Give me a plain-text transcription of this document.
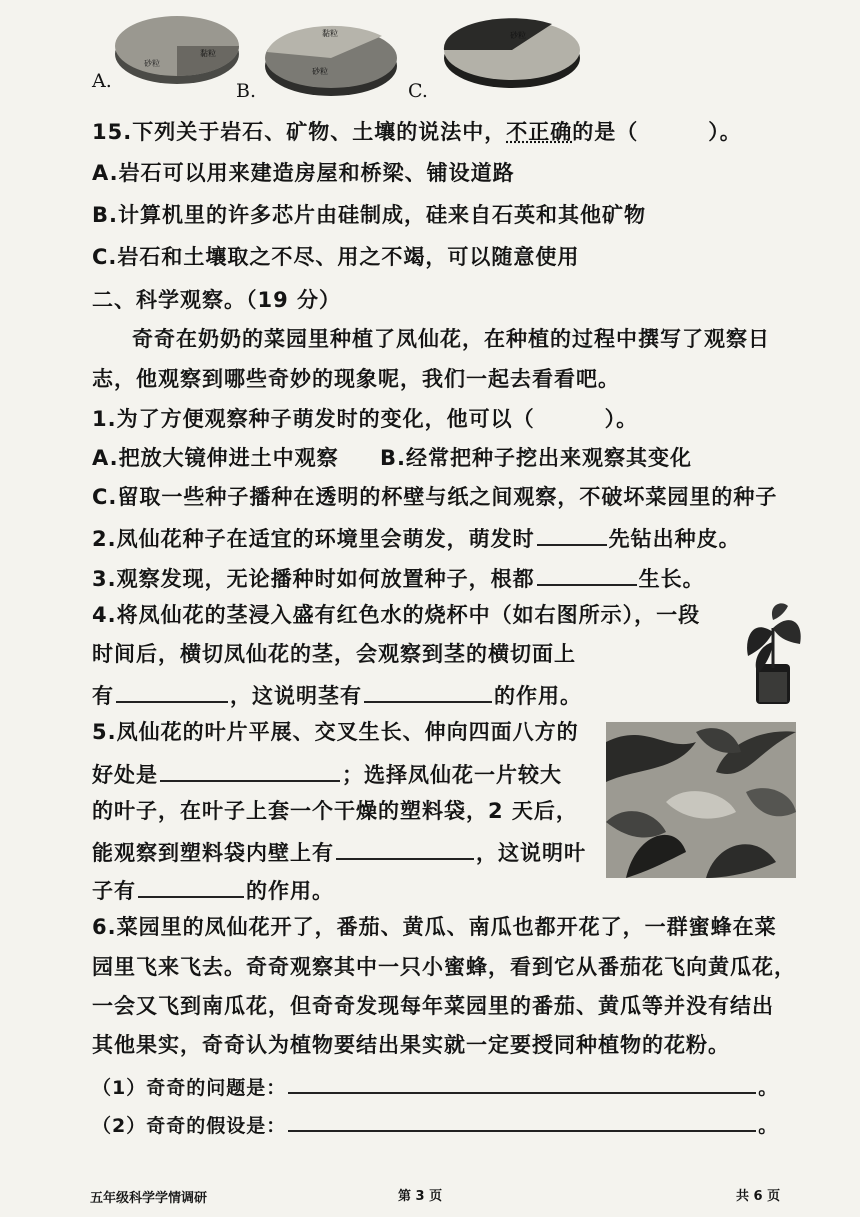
砂粒
黏粒
A.
黏粒
砂粒
B.
砂粒
C.
15.下列关于岩石、矿物、土壤的说法中，不正确的是（	）。
A.岩石可以用来建造房屋和桥梁、铺设道路
B.计算机里的许多芯片由硅制成，硅来自石英和其他矿物
C.岩石和土壤取之不尽、用之不竭，可以随意使用
二、科学观察。（19 分）
奇奇在奶奶的菜园里种植了凤仙花，在种植的过程中撰写了观察日
志，他观察到哪些奇妙的现象呢，我们一起去看看吧。
1.为了方便观察种子萌发时的变化，他可以（	）。
A.把放大镜伸进土中观察 B.经常把种子挖出来观察其变化
C.留取一些种子播种在透明的杯壁与纸之间观察，不破坏菜园里的种子
2.凤仙花种子在适宜的环境里会萌发，萌发时	先钻出种皮。
3.观察发现，无论播种时如何放置种子，根都	生长。
4.将凤仙花的茎浸入盛有红色水的烧杯中（如右图所示），一段
时间后，横切凤仙花的茎，会观察到茎的横切面上
有	，这说明茎有	的作用。
5.凤仙花的叶片平展、交叉生长、伸向四面八方的
好处是	；选择凤仙花一片较大
的叶子，在叶子上套一个干燥的塑料袋，2 天后，
能观察到塑料袋内壁上有	，这说明叶
子有	的作用。
6.菜园里的凤仙花开了，番茄、黄瓜、南瓜也都开花了，一群蜜蜂在菜
园里飞来飞去。奇奇观察其中一只小蜜蜂，看到它从番茄花飞向黄瓜花，
一会又飞到南瓜花，但奇奇发现每年菜园里的番茄、黄瓜等并没有结出
其他果实，奇奇认为植物要结出果实就一定要授同种植物的花粉。
（1）奇奇的问题是：	。
（2）奇奇的假设是：	。
五年级科学学情调研	第 3 页	共 6 页
